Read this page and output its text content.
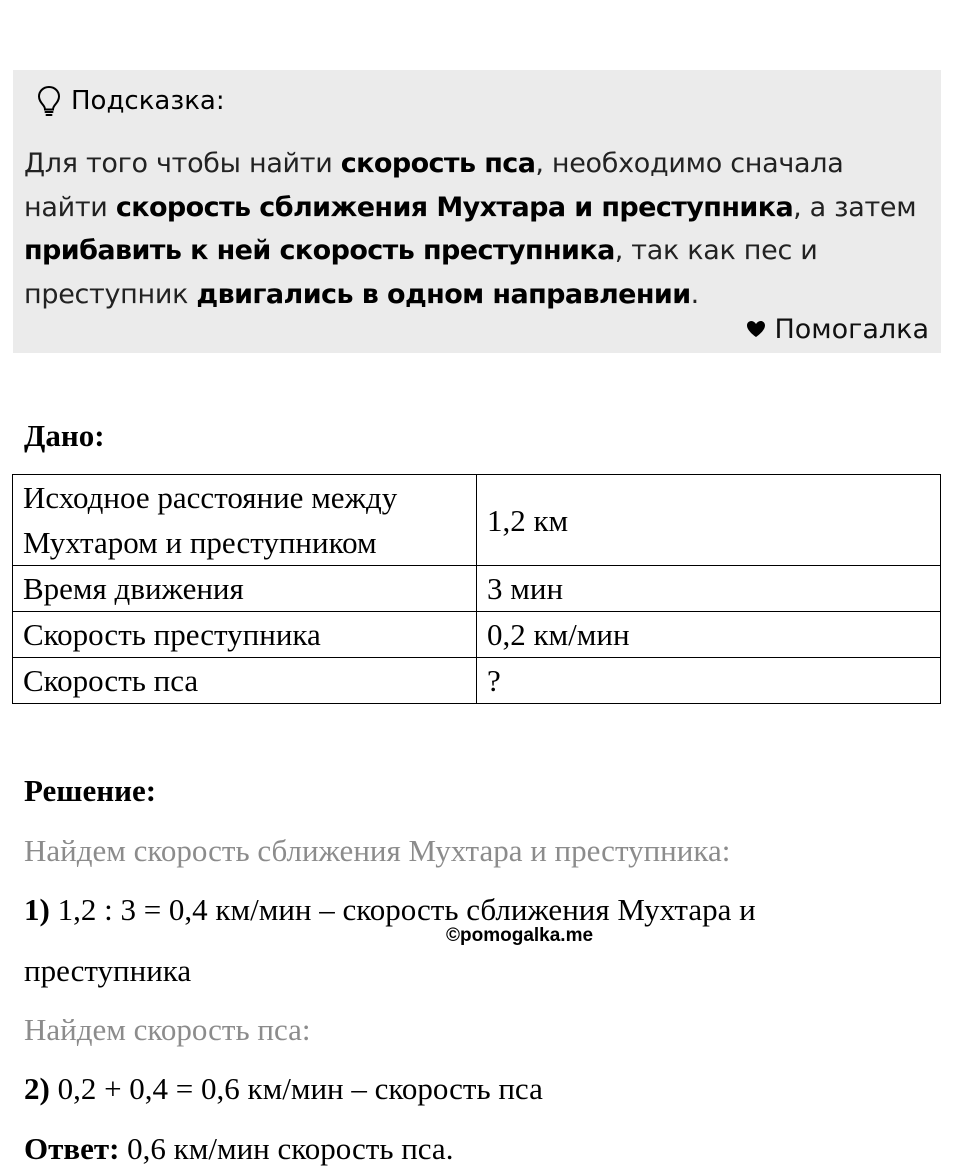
Подсказка:
Для того чтобы найти скорость пса, необходимо сначала найти скорость сближения Мухтара и преступника, а затем прибавить к ней скорость преступника, так как пес и преступник двигались в одном направлении.
Помогалка
Дано:
Исходное расстояние между Мухтаром и преступником	1,2 км
Время движения	3 мин
Скорость преступника	0,2 км/мин
Скорость пса	?
Решение:
Найдем скорость сближения Мухтара и преступника:
1) 1,2 : 3 = 0,4 км/мин – скорость сближения Мухтара и
преступника
©pomogalka.me
Найдем скорость пса:
2) 0,2 + 0,4 = 0,6 км/мин – скорость пса
Ответ: 0,6 км/мин скорость пса.
